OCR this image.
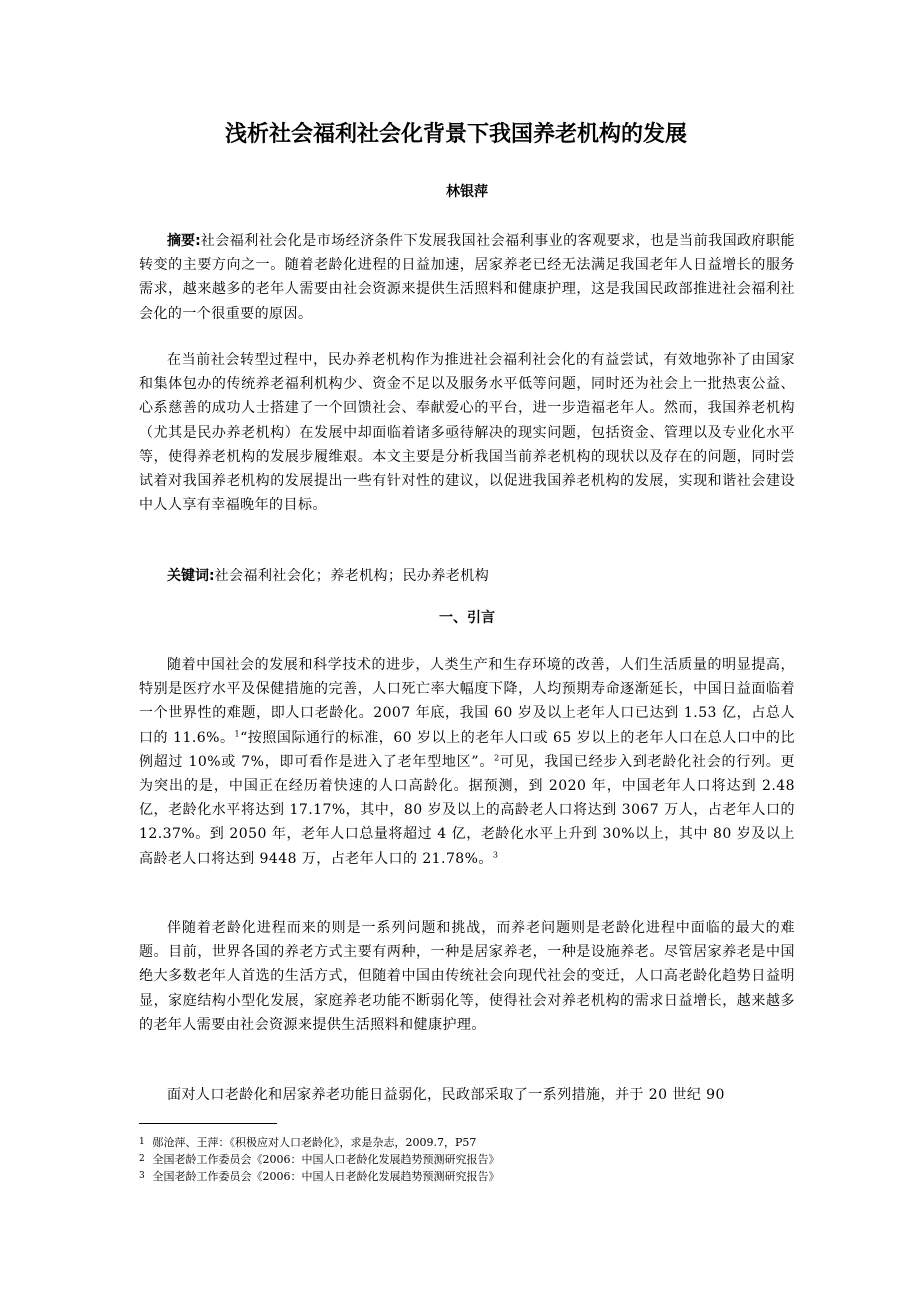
浅析社会福利社会化背景下我国养老机构的发展
林银萍

摘要:社会福利社会化是市场经济条件下发展我国社会福利事业的客观要求，也是当前我国政府职能转变的主要方向之一。随着老龄化进程的日益加速，居家养老已经无法满足我国老年人日益增长的服务需求，越来越多的老年人需要由社会资源来提供生活照料和健康护理，这是我国民政部推进社会福利社会化的一个很重要的原因。

在当前社会转型过程中，民办养老机构作为推进社会福利社会化的有益尝试，有效地弥补了由国家和集体包办的传统养老福利机构少、资金不足以及服务水平低等问题，同时还为社会上一批热衷公益、心系慈善的成功人士搭建了一个回馈社会、奉献爱心的平台，进一步造福老年人。然而，我国养老机构（尤其是民办养老机构）在发展中却面临着诸多亟待解决的现实问题，包括资金、管理以及专业化水平等，使得养老机构的发展步履维艰。本文主要是分析我国当前养老机构的现状以及存在的问题，同时尝试着对我国养老机构的发展提出一些有针对性的建议，以促进我国养老机构的发展，实现和谐社会建设中人人享有幸福晚年的目标。

关键词:社会福利社会化；养老机构；民办养老机构

一、引言

随着中国社会的发展和科学技术的进步，人类生产和生存环境的改善，人们生活质量的明显提高，特别是医疗水平及保健措施的完善，人口死亡率大幅度下降，人均预期寿命逐渐延长，中国日益面临着一个世界性的难题，即人口老龄化。2007 年底，我国 60 岁及以上老年人口已达到 1.53 亿，占总人口的 11.6%。$^1$“按照国际通行的标准，60 岁以上的老年人口或 65 岁以上的老年人口在总人口中的比例超过 10%或 7%，即可看作是进入了老年型地区”。$^2$可见，我国已经步入到老龄化社会的行列。更为突出的是，中国正在经历着快速的人口高龄化。据预测，到 2020 年，中国老年人口将达到 2.48 亿，老龄化水平将达到 17.17%，其中，80 岁及以上的高龄老人口将达到 3067 万人，占老年人口的 12.37%。到 2050 年，老年人口总量将超过 4 亿，老龄化水平上升到 30%以上，其中 80 岁及以上高龄老人口将达到 9448 万，占老年人口的 21.78%。$^3$

伴随着老龄化进程而来的则是一系列问题和挑战，而养老问题则是老龄化进程中面临的最大的难题。目前，世界各国的养老方式主要有两种，一种是居家养老，一种是设施养老。尽管居家养老是中国绝大多数老年人首选的生活方式，但随着中国由传统社会向现代社会的变迁，人口高老龄化趋势日益明显，家庭结构小型化发展，家庭养老功能不断弱化等，使得社会对养老机构的需求日益增长，越来越多的老年人需要由社会资源来提供生活照料和健康护理。

面对人口老龄化和居家养老功能日益弱化，民政部采取了一系列措施，并于 20 世纪 90

1 郧沧萍、王萍：《积极应对人口老龄化》，求是杂志，2009.7，P57
2 全国老龄工作委员会《2006：中国人口老龄化发展趋势预测研究报告》
3 全国老龄工作委员会《2006：中国人日老龄化发展趋势预测研究报告》
